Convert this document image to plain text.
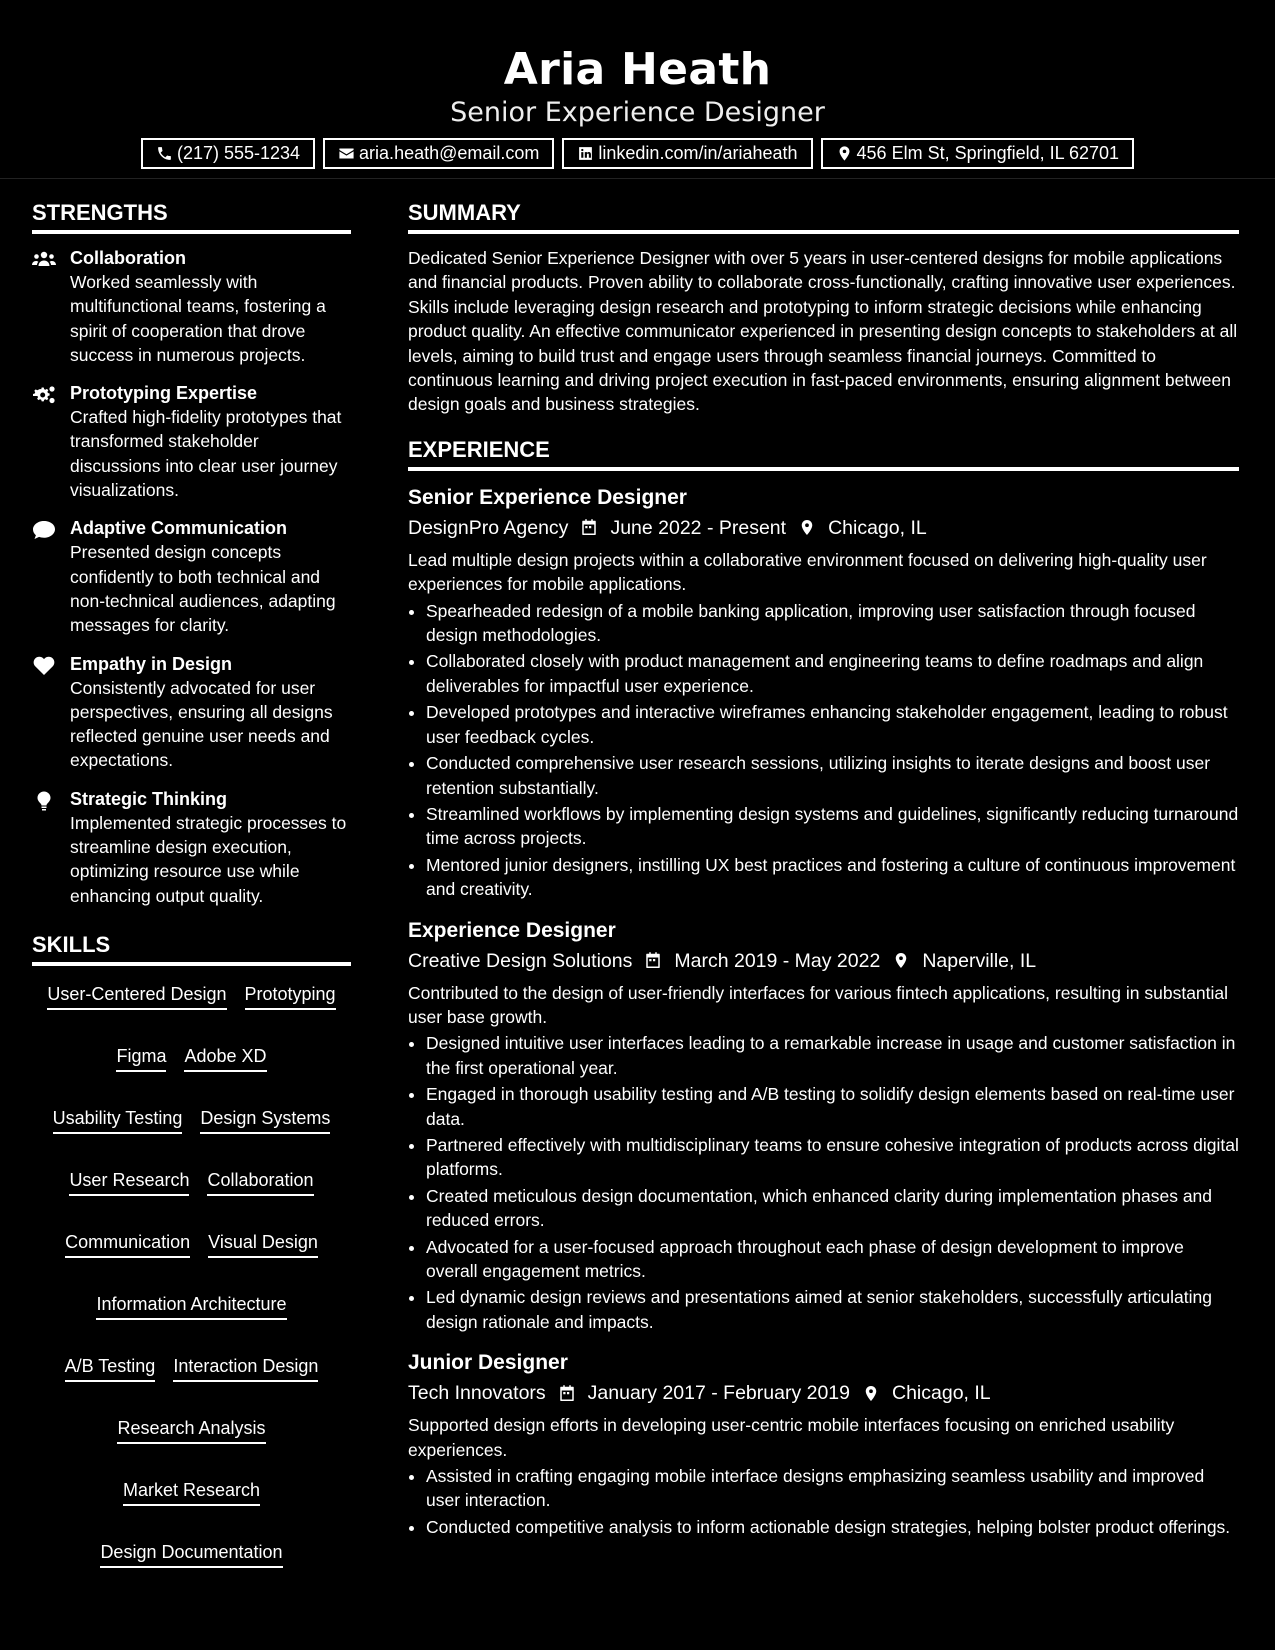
Aria Heath
Senior Experience Designer
(217) 555-1234	aria.heath@email.com	linkedin.com/in/ariaheath	456 Elm St, Springfield, IL 62701
STRENGTHS
Collaboration
Worked seamlessly with multifunctional teams, fostering a spirit of cooperation that drove success in numerous projects.
Prototyping Expertise
Crafted high-fidelity prototypes that transformed stakeholder discussions into clear user journey visualizations.
Adaptive Communication
Presented design concepts confidently to both technical and non-technical audiences, adapting messages for clarity.
Empathy in Design
Consistently advocated for user perspectives, ensuring all designs reflected genuine user needs and expectations.
Strategic Thinking
Implemented strategic processes to streamline design execution, optimizing resource use while enhancing output quality.
SKILLS
User-Centered Design Prototyping
Figma Adobe XD
Usability Testing Design Systems
User Research Collaboration
Communication Visual Design
Information Architecture
A/B Testing Interaction Design
Research Analysis
Market Research
Design Documentation
SUMMARY

Dedicated Senior Experience Designer with over 5 years in user-centered designs for mobile applications and financial products. Proven ability to collaborate cross-functionally, crafting innovative user experiences. Skills include leveraging design research and prototyping to inform strategic decisions while enhancing product quality. An effective communicator experienced in presenting design concepts to stakeholders at all levels, aiming to build trust and engage users through seamless financial journeys. Committed to continuous learning and driving project execution in fast-paced environments, ensuring alignment between design goals and business strategies.

EXPERIENCE
Senior Experience Designer
DesignPro Agency June 2022 - Present Chicago, IL
Lead multiple design projects within a collaborative environment focused on delivering high-quality user experiences for mobile applications.
• Spearheaded redesign of a mobile banking application, improving user satisfaction through focused design methodologies.
• Collaborated closely with product management and engineering teams to define roadmaps and align deliverables for impactful user experience.
• Developed prototypes and interactive wireframes enhancing stakeholder engagement, leading to robust user feedback cycles.
• Conducted comprehensive user research sessions, utilizing insights to iterate designs and boost user retention substantially.
• Streamlined workflows by implementing design systems and guidelines, significantly reducing turnaround time across projects.
• Mentored junior designers, instilling UX best practices and fostering a culture of continuous improvement and creativity.
Experience Designer
Creative Design Solutions March 2019 - May 2022 Naperville, IL
Contributed to the design of user-friendly interfaces for various fintech applications, resulting in substantial user base growth.
• Designed intuitive user interfaces leading to a remarkable increase in usage and customer satisfaction in the first operational year.
• Engaged in thorough usability testing and A/B testing to solidify design elements based on real-time user data.
• Partnered effectively with multidisciplinary teams to ensure cohesive integration of products across digital platforms.
• Created meticulous design documentation, which enhanced clarity during implementation phases and reduced errors.
• Advocated for a user-focused approach throughout each phase of design development to improve overall engagement metrics.
• Led dynamic design reviews and presentations aimed at senior stakeholders, successfully articulating design rationale and impacts.
Junior Designer
Tech Innovators January 2017 - February 2019 Chicago, IL
Supported design efforts in developing user-centric mobile interfaces focusing on enriched usability experiences.
• Assisted in crafting engaging mobile interface designs emphasizing seamless usability and improved user interaction.
• Conducted competitive analysis to inform actionable design strategies, helping bolster product offerings.
